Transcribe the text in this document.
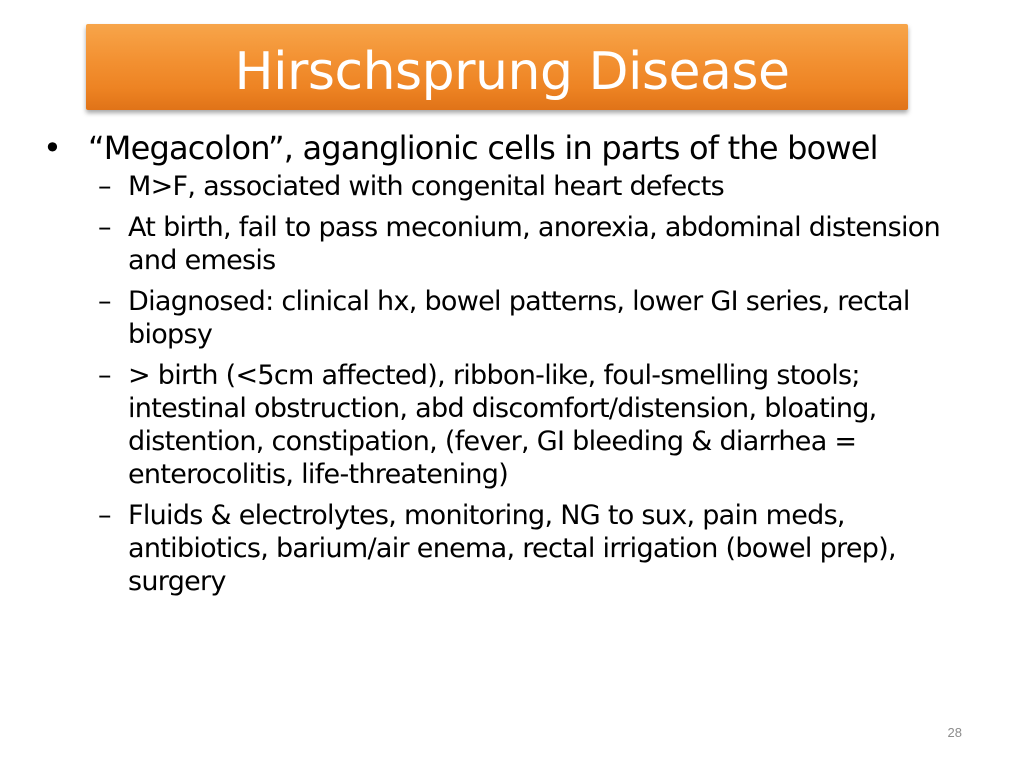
Hirschsprung Disease
• “Megacolon”, aganglionic cells in parts of the bowel
– M>F, associated with congenital heart defects
– At birth, fail to pass meconium, anorexia, abdominal distension and emesis
– Diagnosed: clinical hx, bowel patterns, lower GI series, rectal biopsy
– > birth (<5cm affected), ribbon-like, foul-smelling stools; intestinal obstruction, abd discomfort/distension, bloating, distention, constipation, (fever, GI bleeding & diarrhea = enterocolitis, life-threatening)
– Fluids & electrolytes, monitoring, NG to sux, pain meds, antibiotics, barium/air enema, rectal irrigation (bowel prep), surgery
28
